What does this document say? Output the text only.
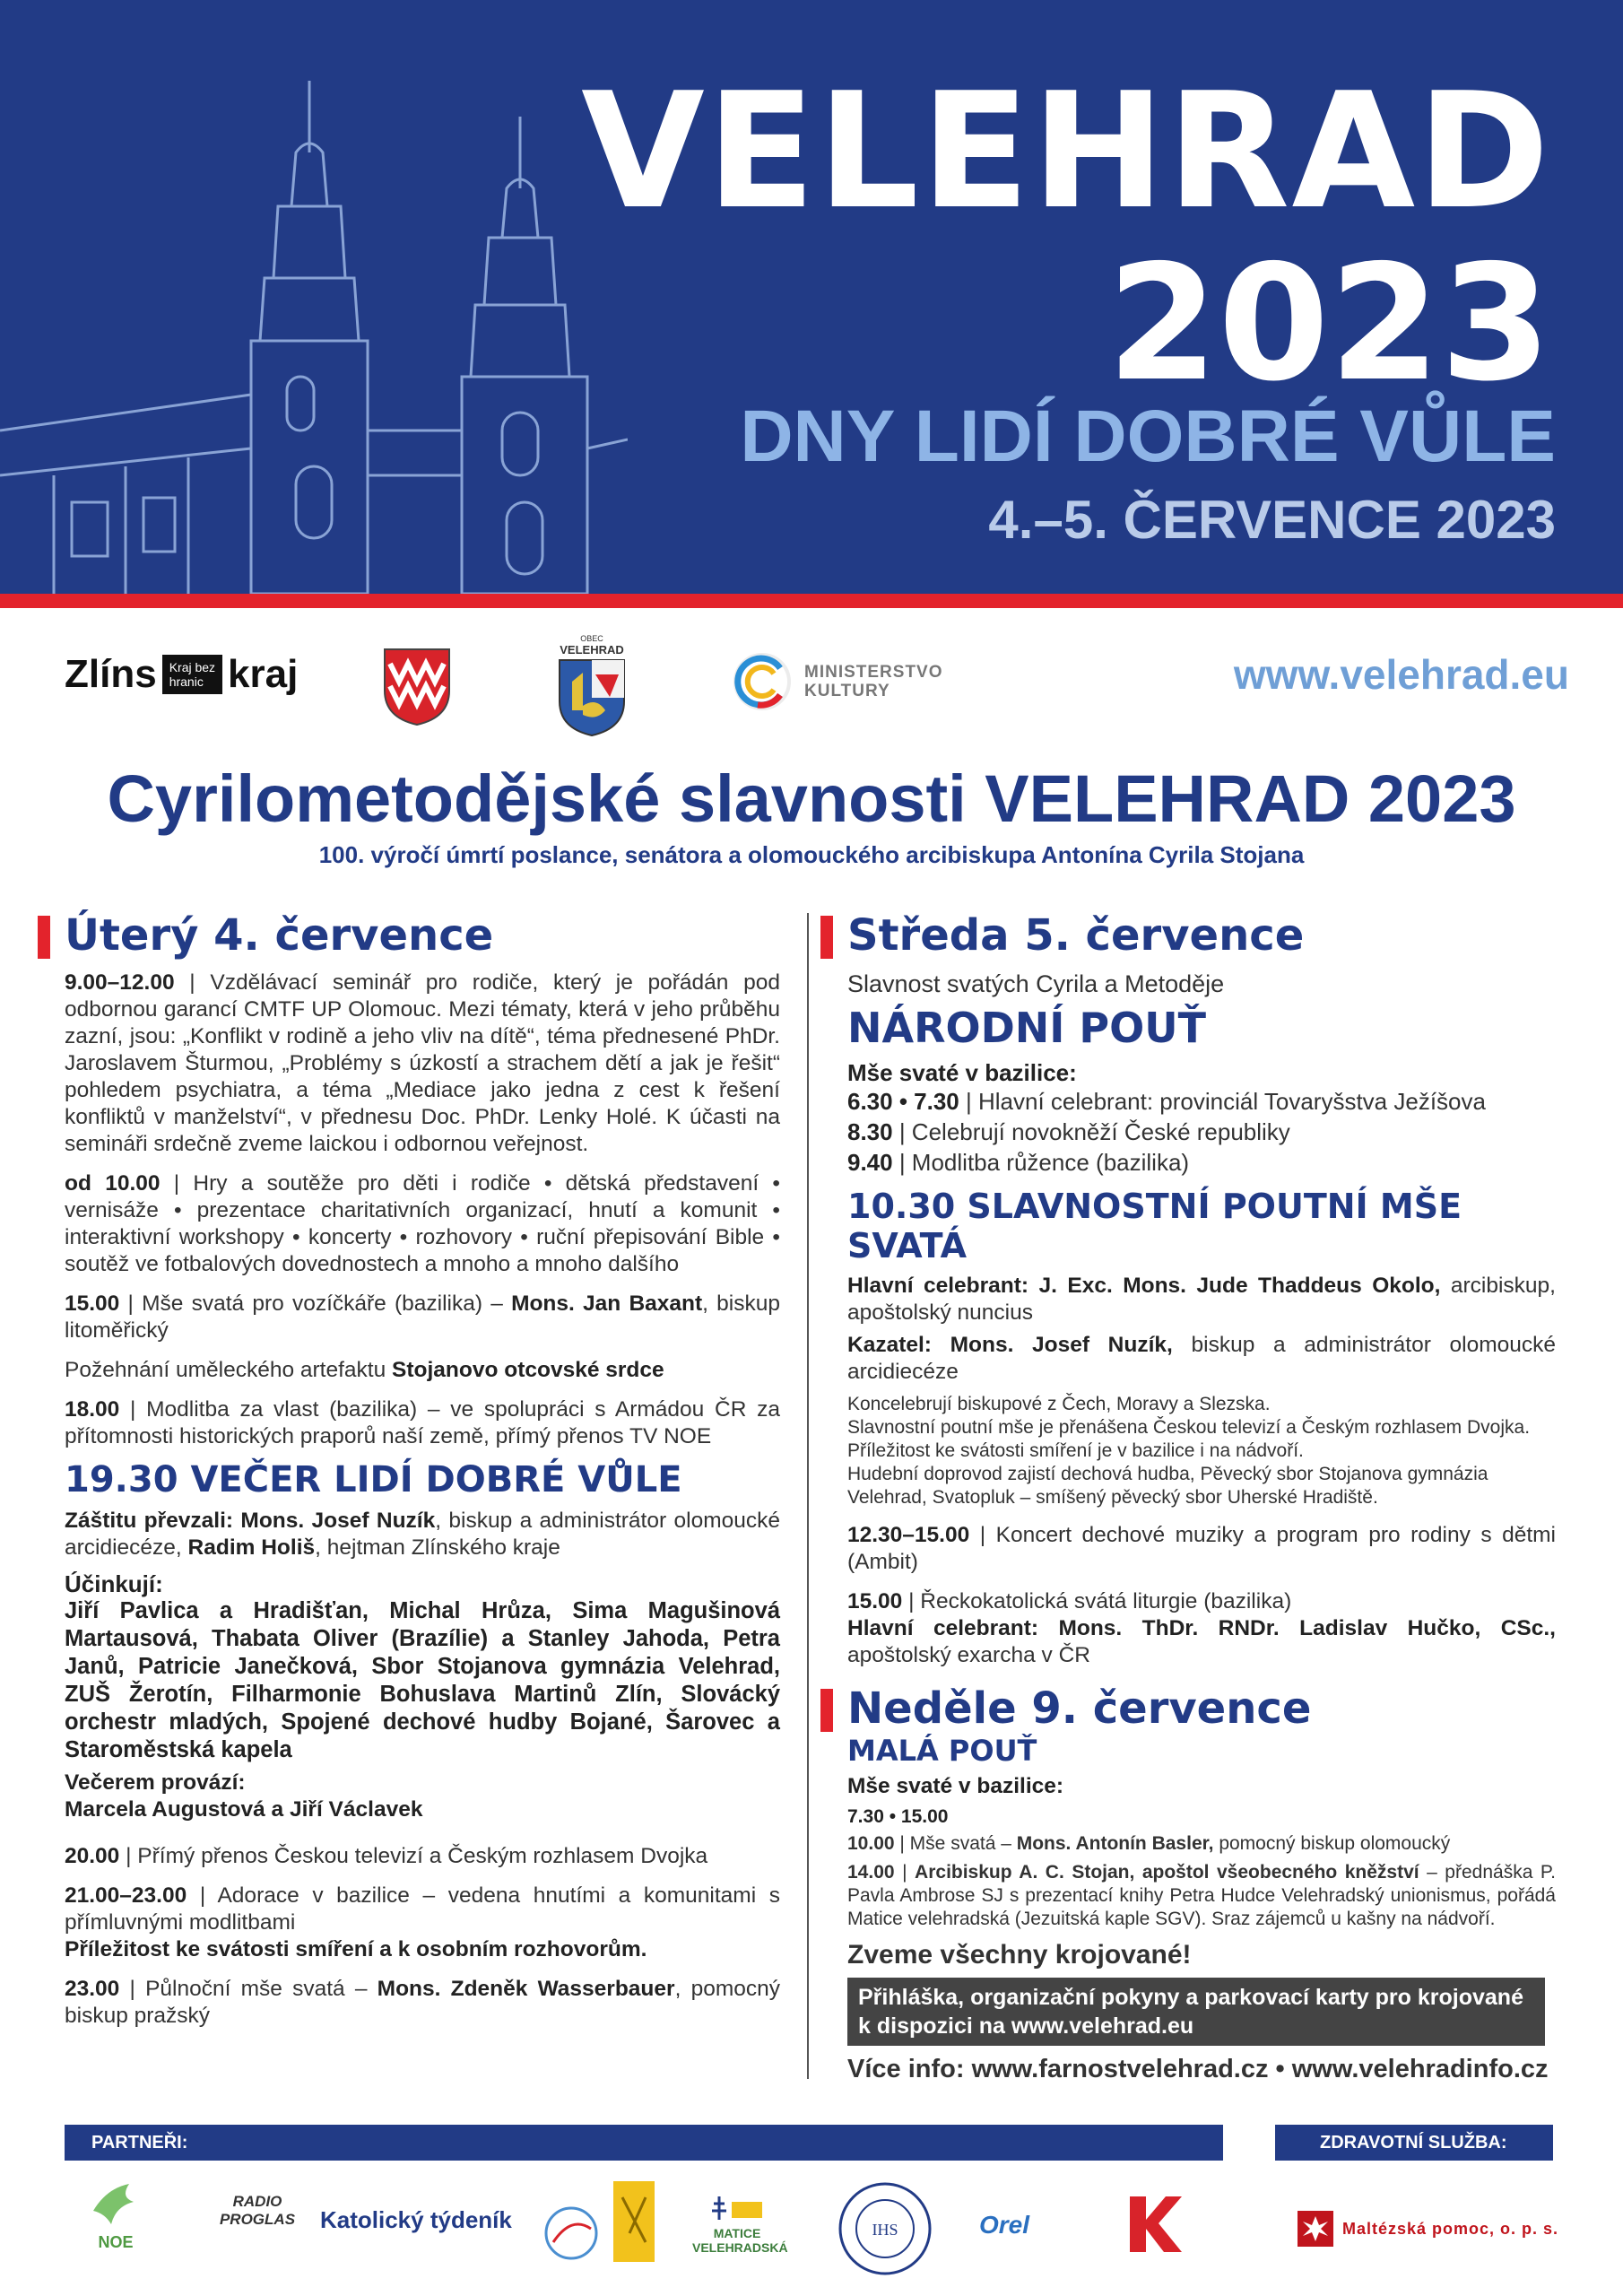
VELEHRAD
2023
DNY LIDÍ DOBRÉ VŮLE
4.–5. ČERVENCE 2023
Zlíns	Kraj bez
hranic kraj
OBEC
VELEHRAD
MINISTERSTVO
KULTURY	www.velehrad.eu
Cyrilometodějské slavnosti VELEHRAD 2023
100. výročí úmrtí poslance, senátora a olomouckého arcibiskupa Antonína Cyrila Stojana
Úterý 4. července

9.00–12.00 | Vzdělávací seminář pro rodiče, který je pořádán pod odbornou garancí CMTF UP Olomouc. Mezi tématy, která v jeho průběhu zazní, jsou: „Konflikt v rodině a jeho vliv na dítě“, téma přednesené PhDr. Jaroslavem Šturmou, „Problémy s úzkostí a strachem dětí a jak je řešit“ pohledem psychiatra, a téma „Mediace jako jedna z cest k řešení konfliktů v manželství“, v přednesu Doc. PhDr. Lenky Holé. K účasti na semináři srdečně zveme laickou i odbornou veřejnost.

od 10.00 | Hry a soutěže pro děti i rodiče • dětská představení • vernisáže • prezentace charitativních organizací, hnutí a komunit • interaktivní workshopy • koncerty • rozhovory • ruční přepisování Bible • soutěž ve fotbalových dovednostech a mnoho a mnoho dalšího

15.00 | Mše svatá pro vozíčkáře (bazilika) – Mons. Jan Baxant, biskup litoměřický

Požehnání uměleckého artefaktu Stojanovo otcovské srdce

18.00 | Modlitba za vlast (bazilika) – ve spolupráci s Armádou ČR za přítomnosti historických praporů naší země, přímý přenos TV NOE

19.30 VEČER LIDÍ DOBRÉ VŮLE

Záštitu převzali: Mons. Josef Nuzík, biskup a administrátor olomoucké arcidiecéze, Radim Holiš, hejtman Zlínského kraje

Účinkují:

Jiří Pavlica a Hradišťan, Michal Hrůza, Sima Magušinová Martausová, Thabata Oliver (Brazílie) a Stanley Jahoda, Petra Janů, Patricie Janečková, Sbor Stojanova gymnázia Velehrad, ZUŠ Žerotín, Filharmonie Bohuslava Martinů Zlín, Slovácký orchestr mladých, Spojené dechové hudby Bojané, Šarovec a Staroměstská kapela

Večerem provází:

Marcela Augustová a Jiří Václavek

20.00 | Přímý přenos Českou televizí a Českým rozhlasem Dvojka

21.00–23.00 | Adorace v bazilice – vedena hnutími a komunitami s přímluvnými modlitbami

Příležitost ke svátosti smíření a k osobním rozhovorům.

23.00 | Půlnoční mše svatá – Mons. Zdeněk Wasserbauer, pomocný biskup pražský

Středa 5. července

Slavnost svatých Cyrila a Metoděje

NÁRODNÍ POUŤ

Mše svaté v bazilice:

6.30 • 7.30 | Hlavní celebrant: provinciál Tovaryšstva Ježíšova

8.30 | Celebrují novokněží České republiky

9.40 | Modlitba růžence (bazilika)

10.30 SLAVNOSTNÍ POUTNÍ MŠE SVATÁ

Hlavní celebrant: J. Exc. Mons. Jude Thaddeus Okolo, arcibiskup, apoštolský nuncius

Kazatel: Mons. Josef Nuzík, biskup a administrátor olomoucké arcidiecéze

Koncelebrují biskupové z Čech, Moravy a Slezska.

Slavnostní poutní mše je přenášena Českou televizí a Českým rozhlasem Dvojka.

Příležitost ke svátosti smíření je v bazilice i na nádvoří.

Hudební doprovod zajistí dechová hudba, Pěvecký sbor Stojanova gymnázia Velehrad, Svatopluk – smíšený pěvecký sbor Uherské Hradiště.

12.30–15.00 | Koncert dechové muziky a program pro rodiny s dětmi (Ambit)

15.00 | Řeckokatolická svátá liturgie (bazilika)

Hlavní celebrant: Mons. ThDr. RNDr. Ladislav Hučko, CSc., apoštolský exarcha v ČR

Neděle 9. července
MALÁ POUŤ

Mše svaté v bazilice:

7.30 • 15.00

10.00 | Mše svatá – Mons. Antonín Basler, pomocný biskup olomoucký

14.00 | Arcibiskup A. C. Stojan, apoštol všeobecného kněžství – přednáška P. Pavla Ambrose SJ s prezentací knihy Petra Hudce Velehradský unionismus, pořádá Matice velehradská (Jezuitská kaple SGV). Sraz zájemců u kašny na nádvoří.

Zveme všechny krojované!
Přihláška, organizační pokyny a parkovací karty pro krojované k dispozici na www.velehrad.eu
Více info: www.farnostvelehrad.cz • www.velehradinfo.cz
PARTNEŘI:	ZDRAVOTNÍ SLUŽBA:
NOE
RADIO
PROGLAS	Katolický týdeník	MATICE
VELEHRADSKÁ
IHS	Orel	Maltézská pomoc, o. p. s.
